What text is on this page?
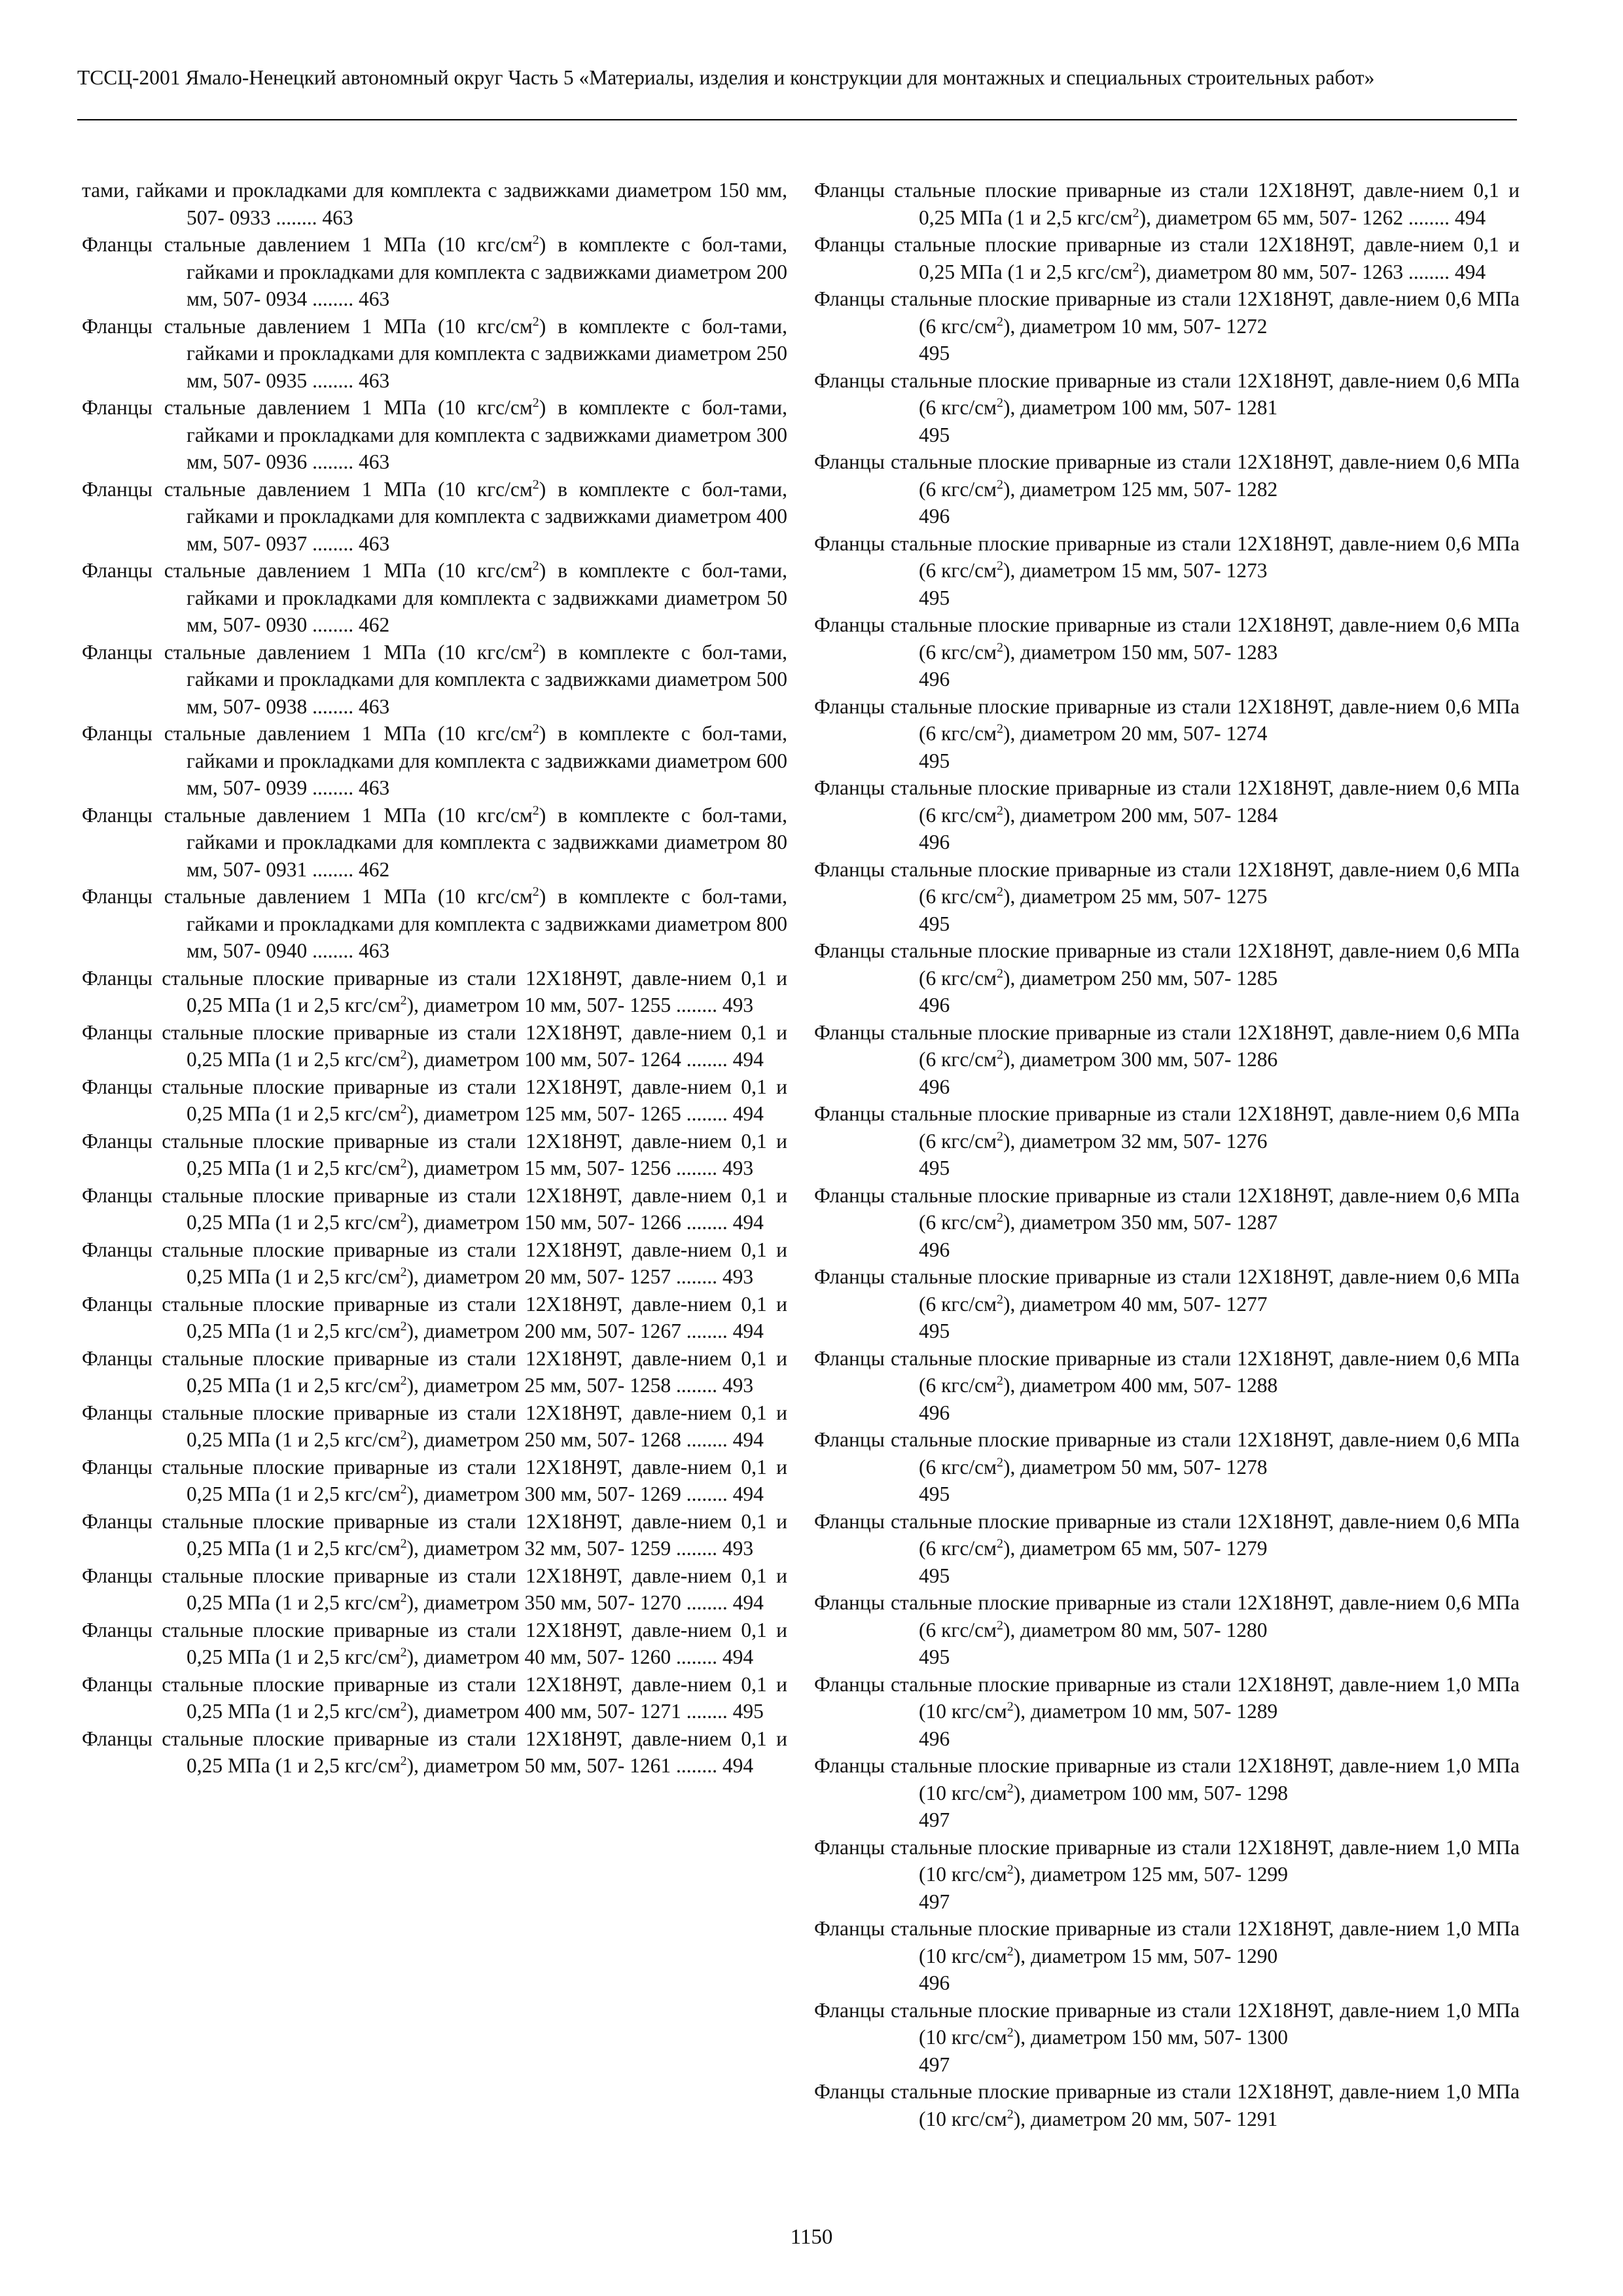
ТССЦ-2001 Ямало-Ненецкий автономный округ Часть 5 «Материалы, изделия и конструкции для монтажных и специальных строительных работ»
тами, гайками и прокладками для комплекта с задвижками диаметром 150 мм, 507- 0933 ........ 463
Фланцы стальные давлением 1 МПа (10 кгс/$см^2$) в комплекте с бол-тами, гайками и прокладками для комплекта с задвижками диаметром 200 мм, 507- 0934 ........ 463
Фланцы стальные давлением 1 МПа (10 кгс/$см^2$) в комплекте с бол-тами, гайками и прокладками для комплекта с задвижками диаметром 250 мм, 507- 0935 ........ 463
Фланцы стальные давлением 1 МПа (10 кгс/$см^2$) в комплекте с бол-тами, гайками и прокладками для комплекта с задвижками диаметром 300 мм, 507- 0936 ........ 463
Фланцы стальные давлением 1 МПа (10 кгс/$см^2$) в комплекте с бол-тами, гайками и прокладками для комплекта с задвижками диаметром 400 мм, 507- 0937 ........ 463
Фланцы стальные давлением 1 МПа (10 кгс/$см^2$) в комплекте с бол-тами, гайками и прокладками для комплекта с задвижками диаметром 50 мм, 507- 0930 ........ 462
Фланцы стальные давлением 1 МПа (10 кгс/$см^2$) в комплекте с бол-тами, гайками и прокладками для комплекта с задвижками диаметром 500 мм, 507- 0938 ........ 463
Фланцы стальные давлением 1 МПа (10 кгс/$см^2$) в комплекте с бол-тами, гайками и прокладками для комплекта с задвижками диаметром 600 мм, 507- 0939 ........ 463
Фланцы стальные давлением 1 МПа (10 кгс/$см^2$) в комплекте с бол-тами, гайками и прокладками для комплекта с задвижками диаметром 80 мм, 507- 0931 ........ 462
Фланцы стальные давлением 1 МПа (10 кгс/$см^2$) в комплекте с бол-тами, гайками и прокладками для комплекта с задвижками диаметром 800 мм, 507- 0940 ........ 463
Фланцы стальные плоские приварные из стали 12Х18Н9Т, давле-нием 0,1 и 0,25 МПа (1 и 2,5 кгс/$см^2$), диаметром 10 мм, 507- 1255 ........ 493
Фланцы стальные плоские приварные из стали 12Х18Н9Т, давле-нием 0,1 и 0,25 МПа (1 и 2,5 кгс/$см^2$), диаметром 100 мм, 507- 1264 ........ 494
Фланцы стальные плоские приварные из стали 12Х18Н9Т, давле-нием 0,1 и 0,25 МПа (1 и 2,5 кгс/$см^2$), диаметром 125 мм, 507- 1265 ........ 494
Фланцы стальные плоские приварные из стали 12Х18Н9Т, давле-нием 0,1 и 0,25 МПа (1 и 2,5 кгс/$см^2$), диаметром 15 мм, 507- 1256 ........ 493
Фланцы стальные плоские приварные из стали 12Х18Н9Т, давле-нием 0,1 и 0,25 МПа (1 и 2,5 кгс/$см^2$), диаметром 150 мм, 507- 1266 ........ 494
Фланцы стальные плоские приварные из стали 12Х18Н9Т, давле-нием 0,1 и 0,25 МПа (1 и 2,5 кгс/$см^2$), диаметром 20 мм, 507- 1257 ........ 493
Фланцы стальные плоские приварные из стали 12Х18Н9Т, давле-нием 0,1 и 0,25 МПа (1 и 2,5 кгс/$см^2$), диаметром 200 мм, 507- 1267 ........ 494
Фланцы стальные плоские приварные из стали 12Х18Н9Т, давле-нием 0,1 и 0,25 МПа (1 и 2,5 кгс/$см^2$), диаметром 25 мм, 507- 1258 ........ 493
Фланцы стальные плоские приварные из стали 12Х18Н9Т, давле-нием 0,1 и 0,25 МПа (1 и 2,5 кгс/$см^2$), диаметром 250 мм, 507- 1268 ........ 494
Фланцы стальные плоские приварные из стали 12Х18Н9Т, давле-нием 0,1 и 0,25 МПа (1 и 2,5 кгс/$см^2$), диаметром 300 мм, 507- 1269 ........ 494
Фланцы стальные плоские приварные из стали 12Х18Н9Т, давле-нием 0,1 и 0,25 МПа (1 и 2,5 кгс/$см^2$), диаметром 32 мм, 507- 1259 ........ 493
Фланцы стальные плоские приварные из стали 12Х18Н9Т, давле-нием 0,1 и 0,25 МПа (1 и 2,5 кгс/$см^2$), диаметром 350 мм, 507- 1270 ........ 494
Фланцы стальные плоские приварные из стали 12Х18Н9Т, давле-нием 0,1 и 0,25 МПа (1 и 2,5 кгс/$см^2$), диаметром 40 мм, 507- 1260 ........ 494
Фланцы стальные плоские приварные из стали 12Х18Н9Т, давле-нием 0,1 и 0,25 МПа (1 и 2,5 кгс/$см^2$), диаметром 400 мм, 507- 1271 ........ 495
Фланцы стальные плоские приварные из стали 12Х18Н9Т, давле-нием 0,1 и 0,25 МПа (1 и 2,5 кгс/$см^2$), диаметром 50 мм, 507- 1261 ........ 494
Фланцы стальные плоские приварные из стали 12Х18Н9Т, давле-нием 0,1 и 0,25 МПа (1 и 2,5 кгс/$см^2$), диаметром 65 мм, 507- 1262 ........ 494
Фланцы стальные плоские приварные из стали 12Х18Н9Т, давле-нием 0,1 и 0,25 МПа (1 и 2,5 кгс/$см^2$), диаметром 80 мм, 507- 1263 ........ 494
Фланцы стальные плоские приварные из стали 12Х18Н9Т, давле-нием 0,6 МПа (6 кгс/$см^2$), диаметром 10 мм, 507- 1272
495
Фланцы стальные плоские приварные из стали 12Х18Н9Т, давле-нием 0,6 МПа (6 кгс/$см^2$), диаметром 100 мм, 507- 1281
495
Фланцы стальные плоские приварные из стали 12Х18Н9Т, давле-нием 0,6 МПа (6 кгс/$см^2$), диаметром 125 мм, 507- 1282
496
Фланцы стальные плоские приварные из стали 12Х18Н9Т, давле-нием 0,6 МПа (6 кгс/$см^2$), диаметром 15 мм, 507- 1273
495
Фланцы стальные плоские приварные из стали 12Х18Н9Т, давле-нием 0,6 МПа (6 кгс/$см^2$), диаметром 150 мм, 507- 1283
496
Фланцы стальные плоские приварные из стали 12Х18Н9Т, давле-нием 0,6 МПа (6 кгс/$см^2$), диаметром 20 мм, 507- 1274
495
Фланцы стальные плоские приварные из стали 12Х18Н9Т, давле-нием 0,6 МПа (6 кгс/$см^2$), диаметром 200 мм, 507- 1284
496
Фланцы стальные плоские приварные из стали 12Х18Н9Т, давле-нием 0,6 МПа (6 кгс/$см^2$), диаметром 25 мм, 507- 1275
495
Фланцы стальные плоские приварные из стали 12Х18Н9Т, давле-нием 0,6 МПа (6 кгс/$см^2$), диаметром 250 мм, 507- 1285
496
Фланцы стальные плоские приварные из стали 12Х18Н9Т, давле-нием 0,6 МПа (6 кгс/$см^2$), диаметром 300 мм, 507- 1286
496
Фланцы стальные плоские приварные из стали 12Х18Н9Т, давле-нием 0,6 МПа (6 кгс/$см^2$), диаметром 32 мм, 507- 1276
495
Фланцы стальные плоские приварные из стали 12Х18Н9Т, давле-нием 0,6 МПа (6 кгс/$см^2$), диаметром 350 мм, 507- 1287
496
Фланцы стальные плоские приварные из стали 12Х18Н9Т, давле-нием 0,6 МПа (6 кгс/$см^2$), диаметром 40 мм, 507- 1277
495
Фланцы стальные плоские приварные из стали 12Х18Н9Т, давле-нием 0,6 МПа (6 кгс/$см^2$), диаметром 400 мм, 507- 1288
496
Фланцы стальные плоские приварные из стали 12Х18Н9Т, давле-нием 0,6 МПа (6 кгс/$см^2$), диаметром 50 мм, 507- 1278
495
Фланцы стальные плоские приварные из стали 12Х18Н9Т, давле-нием 0,6 МПа (6 кгс/$см^2$), диаметром 65 мм, 507- 1279
495
Фланцы стальные плоские приварные из стали 12Х18Н9Т, давле-нием 0,6 МПа (6 кгс/$см^2$), диаметром 80 мм, 507- 1280
495
Фланцы стальные плоские приварные из стали 12Х18Н9Т, давле-нием 1,0 МПа (10 кгс/$см^2$), диаметром 10 мм, 507- 1289
496
Фланцы стальные плоские приварные из стали 12Х18Н9Т, давле-нием 1,0 МПа (10 кгс/$см^2$), диаметром 100 мм, 507- 1298
497
Фланцы стальные плоские приварные из стали 12Х18Н9Т, давле-нием 1,0 МПа (10 кгс/$см^2$), диаметром 125 мм, 507- 1299
497
Фланцы стальные плоские приварные из стали 12Х18Н9Т, давле-нием 1,0 МПа (10 кгс/$см^2$), диаметром 15 мм, 507- 1290
496
Фланцы стальные плоские приварные из стали 12Х18Н9Т, давле-нием 1,0 МПа (10 кгс/$см^2$), диаметром 150 мм, 507- 1300
497
Фланцы стальные плоские приварные из стали 12Х18Н9Т, давле-нием 1,0 МПа (10 кгс/$см^2$), диаметром 20 мм, 507- 1291
1150
